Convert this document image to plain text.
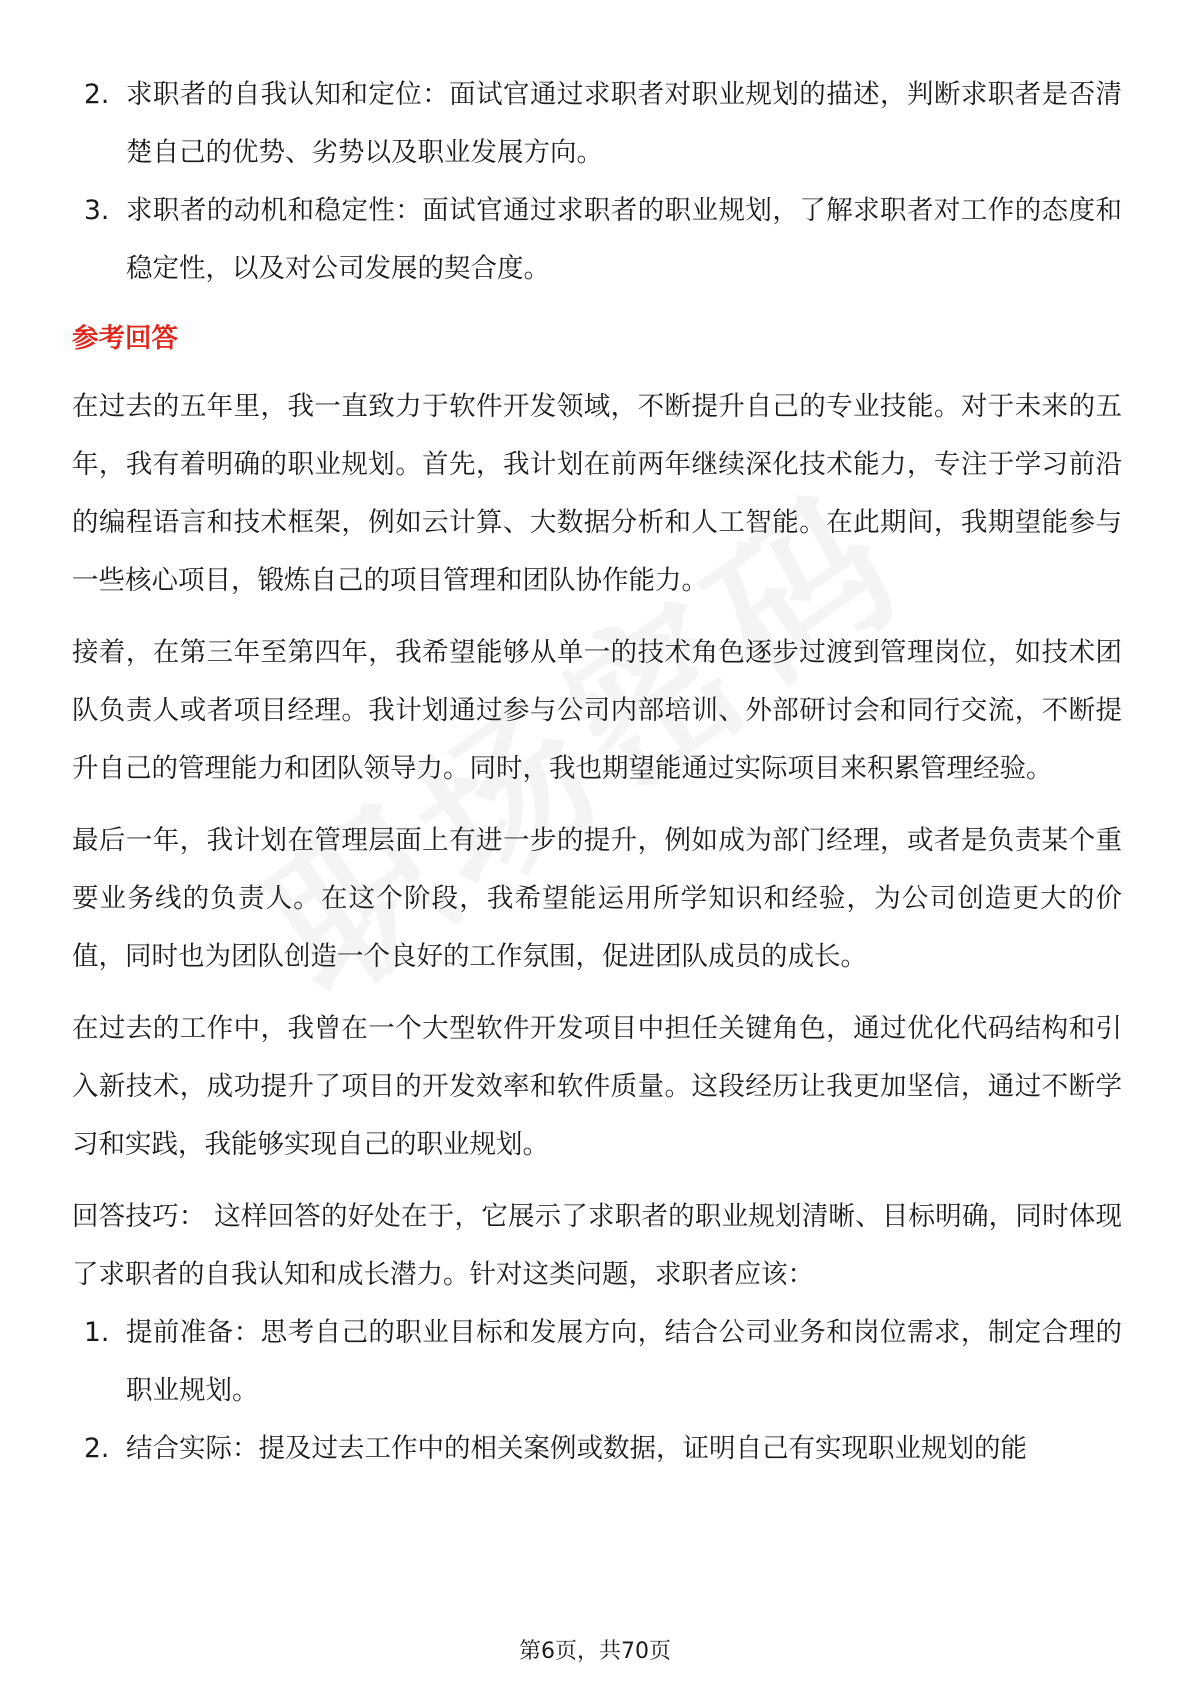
2. 求职者的自我认知和定位：面试官通过求职者对职业规划的描述，判断求职者是否清楚自己的优势、劣势以及职业发展方向。
3. 求职者的动机和稳定性：面试官通过求职者的职业规划，了解求职者对工作的态度和稳定性，以及对公司发展的契合度。
参考回答

在过去的五年里，我一直致力于软件开发领域，不断提升自己的专业技能。对于未来的五年，我有着明确的职业规划。首先，我计划在前两年继续深化技术能力，专注于学习前沿的编程语言和技术框架，例如云计算、大数据分析和人工智能。在此期间，我期望能参与一些核心项目，锻炼自己的项目管理和团队协作能力。

接着，在第三年至第四年，我希望能够从单一的技术角色逐步过渡到管理岗位，如技术团队负责人或者项目经理。我计划通过参与公司内部培训、外部研讨会和同行交流，不断提升自己的管理能力和团队领导力。同时，我也期望能通过实际项目来积累管理经验。

最后一年，我计划在管理层面上有进一步的提升，例如成为部门经理，或者是负责某个重要业务线的负责人。在这个阶段，我希望能运用所学知识和经验，为公司创造更大的价值，同时也为团队创造一个良好的工作氛围，促进团队成员的成长。

在过去的工作中，我曾在一个大型软件开发项目中担任关键角色，通过优化代码结构和引入新技术，成功提升了项目的开发效率和软件质量。这段经历让我更加坚信，通过不断学习和实践，我能够实现自己的职业规划。

回答技巧： 这样回答的好处在于，它展示了求职者的职业规划清晰、目标明确，同时体现了求职者的自我认知和成长潜力。针对这类问题，求职者应该：

1. 提前准备：思考自己的职业目标和发展方向，结合公司业务和岗位需求，制定合理的职业规划。
2. 结合实际：提及过去工作中的相关案例或数据，证明自己有实现职业规划的能
第6页，共70页
